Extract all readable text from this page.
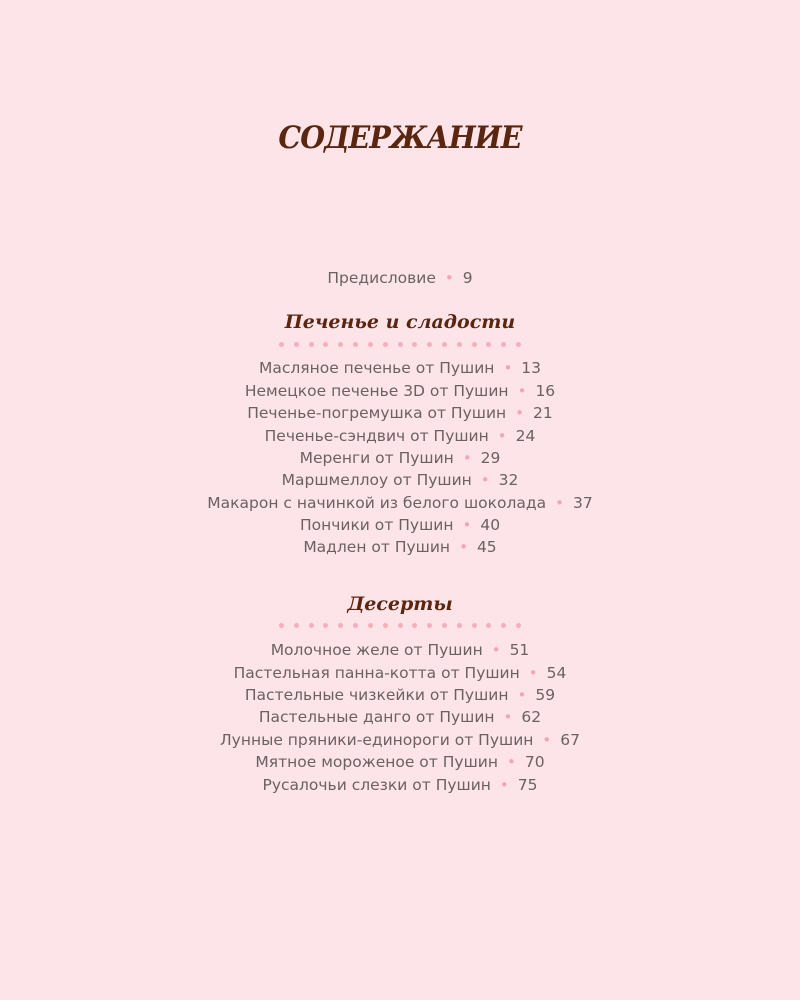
СОДЕРЖАНИЕ
Предисловие • 9
Печенье и сладости
Масляное печенье от Пушин • 13
Немецкое печенье 3D от Пушин • 16
Печенье-погремушка от Пушин • 21
Печенье-сэндвич от Пушин • 24
Меренги от Пушин • 29
Маршмеллоу от Пушин • 32
Макарон с начинкой из белого шоколада • 37
Пончики от Пушин • 40
Мадлен от Пушин • 45
Десерты
Молочное желе от Пушин • 51
Пастельная панна-котта от Пушин • 54
Пастельные чизкейки от Пушин • 59
Пастельные данго от Пушин • 62
Лунные пряники-единороги от Пушин • 67
Мятное мороженое от Пушин • 70
Русалочьи слезки от Пушин • 75
